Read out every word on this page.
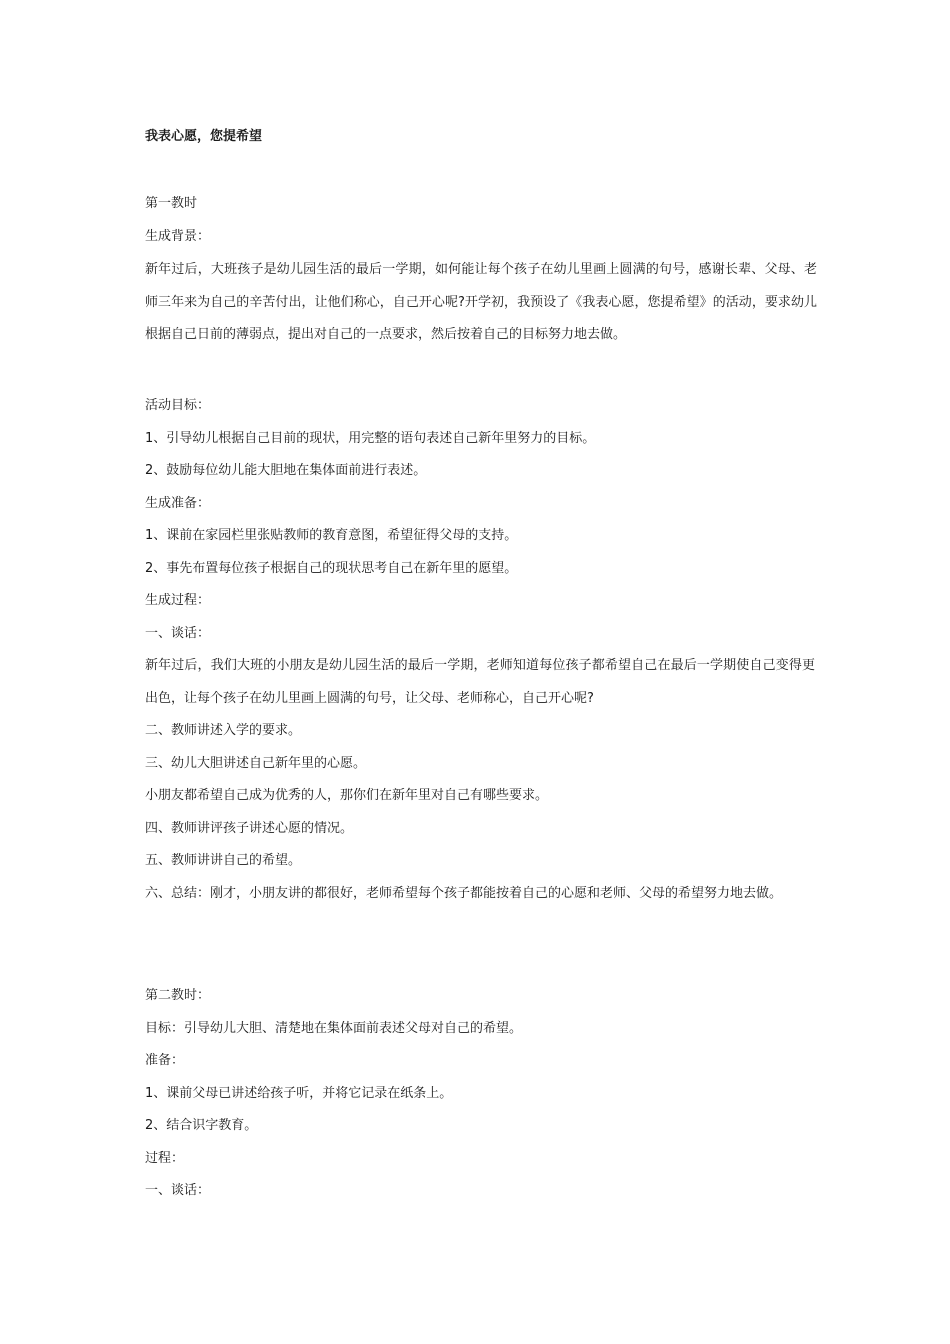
我表心愿，您提希望
第一教时
生成背景：
新年过后，大班孩子是幼儿园生活的最后一学期，如何能让每个孩子在幼儿里画上圆满的句号，感谢长辈、父母、老师三年来为自己的辛苦付出，让他们称心，自己开心呢?开学初，我预设了《我表心愿，您提希望》的活动，要求幼儿根据自己日前的薄弱点，提出对自己的一点要求，然后按着自己的目标努力地去做。
活动目标：
1、引导幼儿根据自己目前的现状，用完整的语句表述自己新年里努力的目标。
2、鼓励每位幼儿能大胆地在集体面前进行表述。
生成准备：
1、课前在家园栏里张贴教师的教育意图，希望征得父母的支持。
2、事先布置每位孩子根据自己的现状思考自己在新年里的愿望。
生成过程：
一、谈话：
新年过后，我们大班的小朋友是幼儿园生活的最后一学期，老师知道每位孩子都希望自己在最后一学期使自己变得更出色，让每个孩子在幼儿里画上圆满的句号，让父母、老师称心，自己开心呢?
二、教师讲述入学的要求。
三、幼儿大胆讲述自己新年里的心愿。
小朋友都希望自己成为优秀的人，那你们在新年里对自己有哪些要求。
四、教师讲评孩子讲述心愿的情况。
五、教师讲讲自己的希望。
六、总结：刚才，小朋友讲的都很好，老师希望每个孩子都能按着自己的心愿和老师、父母的希望努力地去做。
第二教时：
目标：引导幼儿大胆、清楚地在集体面前表述父母对自己的希望。
准备：
1、课前父母已讲述给孩子听，并将它记录在纸条上。
2、结合识字教育。
过程：
一、谈话：
